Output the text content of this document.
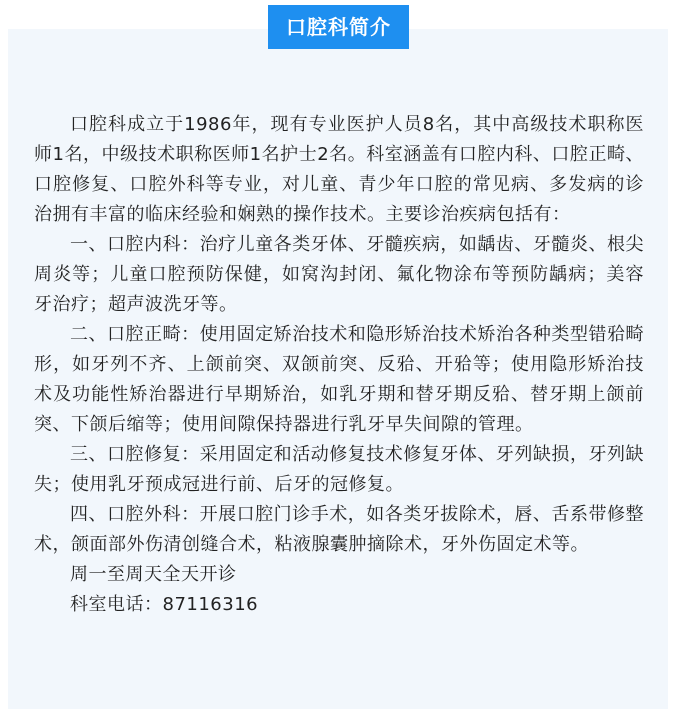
口腔科简介

口腔科成立于1986年，现有专业医护人员8名，其中高级技术职称医师1名，中级技术职称医师1名护士2名。科室涵盖有口腔内科、口腔正畸、口腔修复、口腔外科等专业，对儿童、青少年口腔的常见病、多发病的诊治拥有丰富的临床经验和娴熟的操作技术。主要诊治疾病包括有：

一、口腔内科：治疗儿童各类牙体、牙髓疾病，如龋齿、牙髓炎、根尖周炎等；儿童口腔预防保健，如窝沟封闭、氟化物涂布等预防龋病；美容牙治疗；超声波洗牙等。

二、口腔正畸：使用固定矫治技术和隐形矫治技术矫治各种类型错𬌗畸形，如牙列不齐、上颌前突、双颌前突、反𬌗、开𬌗等；使用隐形矫治技术及功能性矫治器进行早期矫治，如乳牙期和替牙期反𬌗、替牙期上颌前突、下颌后缩等；使用间隙保持器进行乳牙早失间隙的管理。

三、口腔修复：采用固定和活动修复技术修复牙体、牙列缺损，牙列缺失；使用乳牙预成冠进行前、后牙的冠修复。

四、口腔外科：开展口腔门诊手术，如各类牙拔除术，唇、舌系带修整术，颌面部外伤清创缝合术，粘液腺囊肿摘除术，牙外伤固定术等。

周一至周天全天开诊

科室电话：87116316
